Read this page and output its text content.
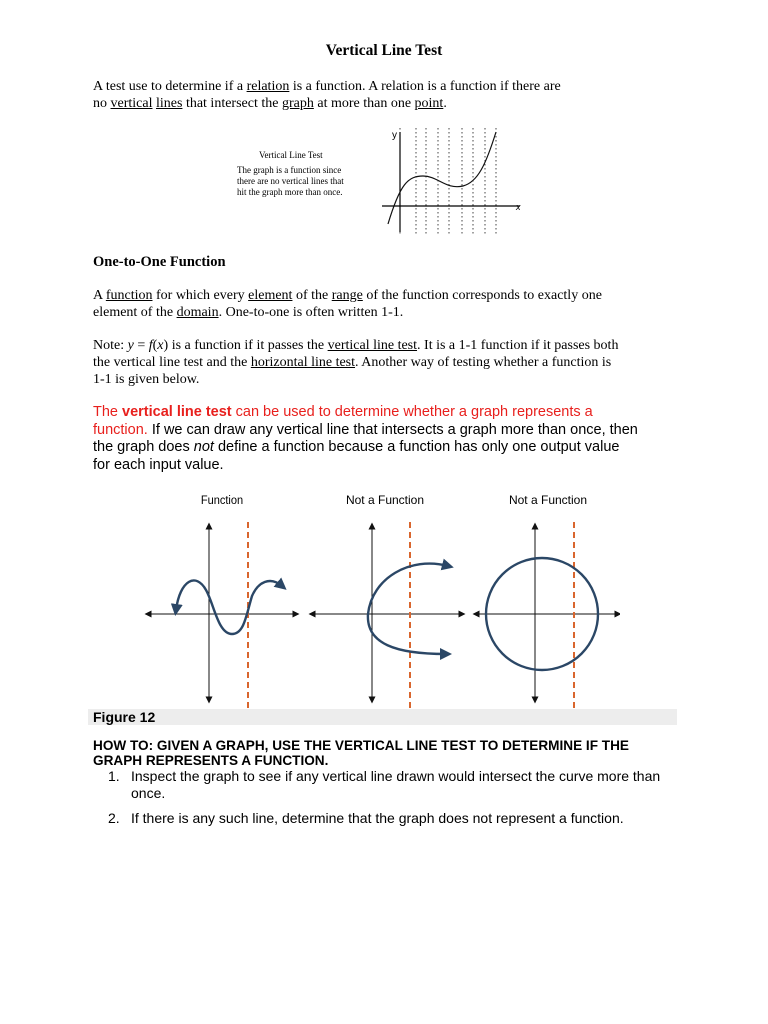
Vertical Line Test
A test use to determine if a relation is a function. A relation is a function if there are
no vertical lines that intersect the graph at more than one point.
Vertical Line Test
The graph is a function since
there are no vertical lines that
hit the graph more than once.
y
x
One-to-One Function
A function for which every element of the range of the function corresponds to exactly one
element of the domain. One-to-one is often written 1-1.
Note: y = f(x) is a function if it passes the vertical line test. It is a 1-1 function if it passes both
the vertical line test and the horizontal line test. Another way of testing whether a function is
1-1 is given below.
The vertical line test can be used to determine whether a graph represents a
function. If we can draw any vertical line that intersects a graph more than once, then
the graph does not define a function because a function has only one output value
for each input value.
Function	Not a Function	Not a Function
Figure 12
HOW TO: GIVEN A GRAPH, USE THE VERTICAL LINE TEST TO DETERMINE IF THE
GRAPH REPRESENTS A FUNCTION.
1. Inspect the graph to see if any vertical line drawn would intersect the curve more than once.
2. If there is any such line, determine that the graph does not represent a function.
